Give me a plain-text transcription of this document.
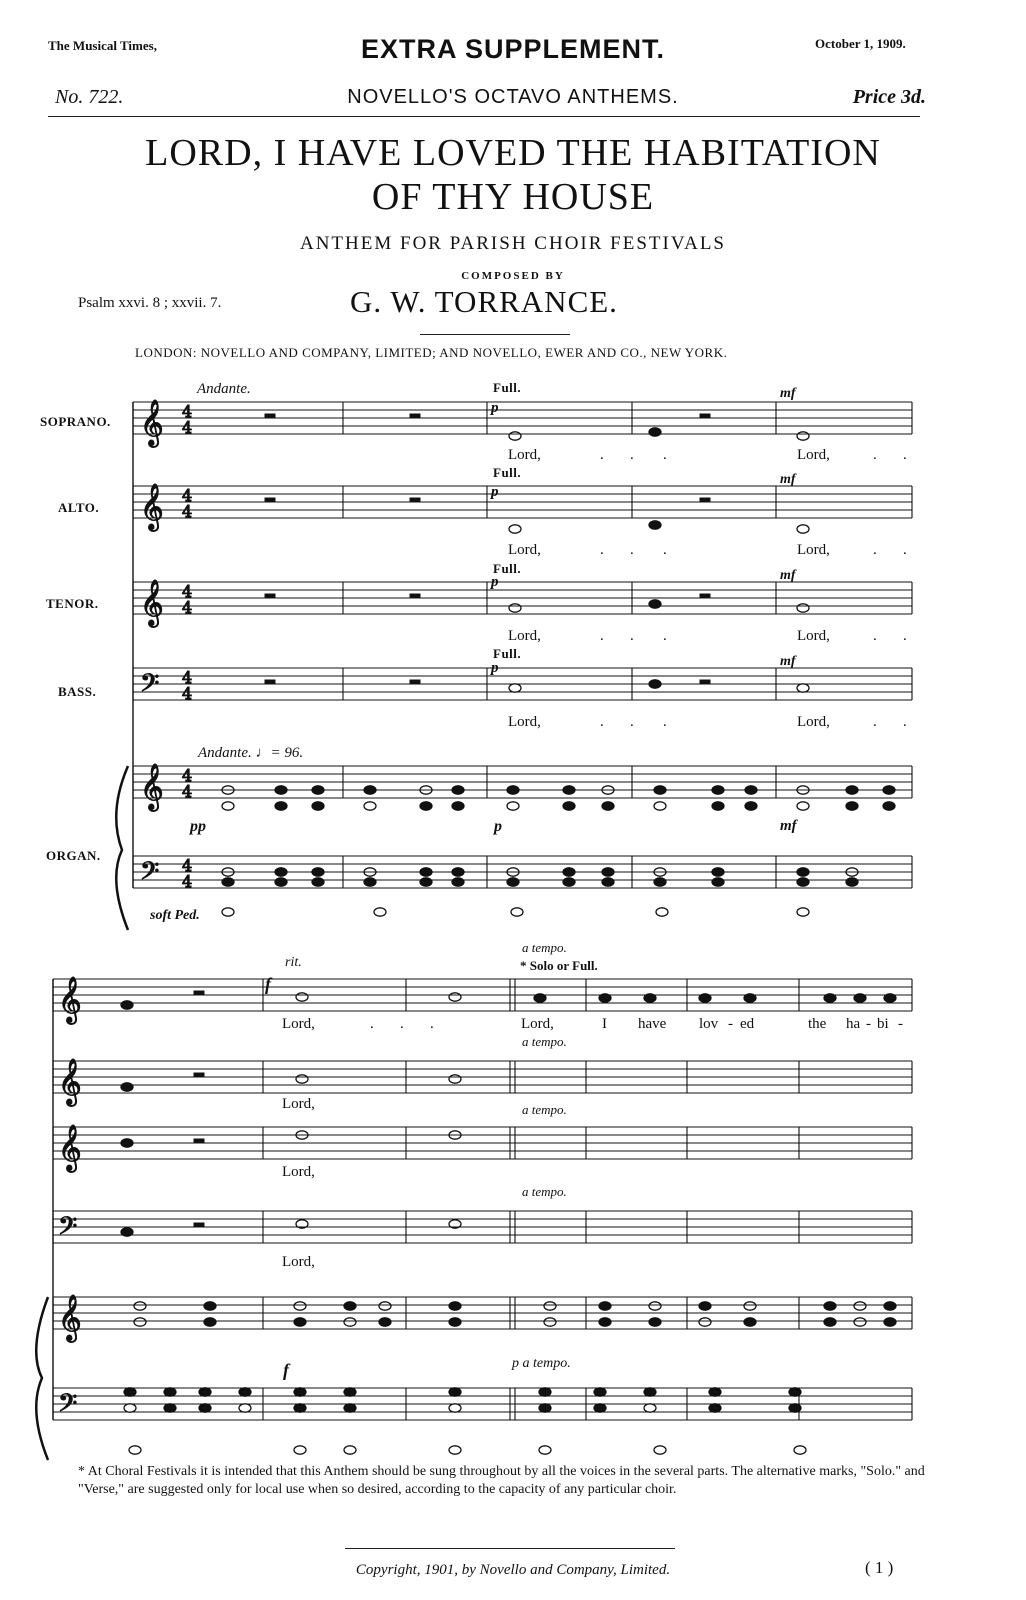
The Musical Times,	EXTRA SUPPLEMENT.	October 1, 1909.
No. 722.	NOVELLO'S OCTAVO ANTHEMS.	Price 3d.
LORD, I HAVE LOVED THE HABITATION
OF THY HOUSE
ANTHEM FOR PARISH CHOIR FESTIVALS
COMPOSED BY
G. W. TORRANCE.
Psalm xxvi. 8 ; xxvii. 7.
LONDON: NOVELLO AND COMPANY, LIMITED; AND NOVELLO, EWER AND CO., NEW YORK.
𝄞 4
4
𝄞 4
4
𝄞 4
4
𝄢 4
4
𝄞 4
4
𝄢 4
4
𝄞
𝄞
𝄞
𝄞
𝄢
𝄢
Andante.	Full.
Full.
Full.
Full.
SOPRANO.
ALTO.
TENOR.
BASS.
ORGAN.
p
mf
p
mf
p	mf
p	mf
Lord,	. . .	Lord,	. .
Lord,	. . .	Lord,	. .
Lord,	. . .	Lord,	. .
Lord,	. . .	Lord,	. .
Andante. ♩= 96.
pp	p	mf
soft Ped.
rit.
a tempo.
* Solo or Full.
f
Lord,	. . .	Lord,	I have lov - ed	the ha - bi -
a tempo.
Lord,	a tempo.
Lord,
a tempo.
Lord,
f	p a tempo.
* At Choral Festivals it is intended that this Anthem should be sung throughout by all the voices in the several parts. The alternative marks, "Solo." and "Verse," are suggested only for local use when so desired, according to the capacity of any particular choir.
Copyright, 1901, by Novello and Company, Limited.	( 1 )
